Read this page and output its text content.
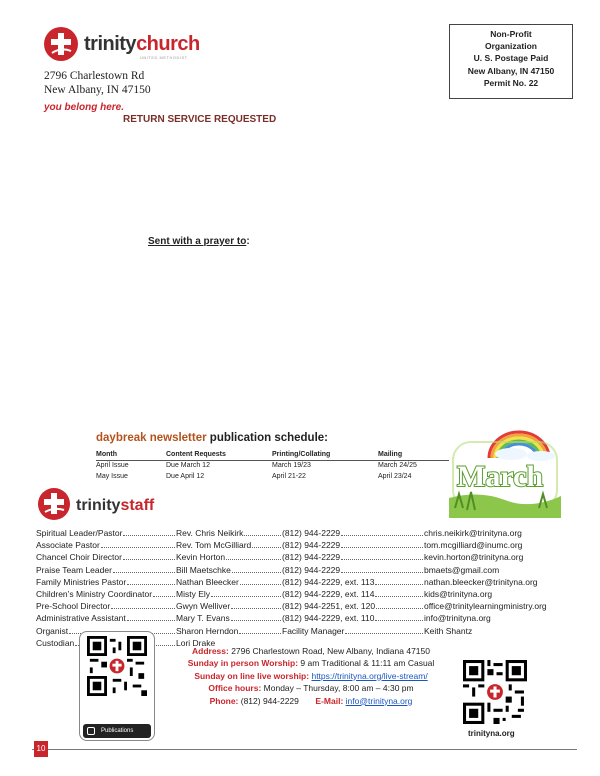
trinitychurch
UNITED METHODIST
2796 Charlestown Rd
New Albany, IN 47150
you belong here.
RETURN SERVICE REQUESTED
Non-Profit
Organization
U. S. Postage Paid
New Albany, IN 47150
Permit No. 22
Sent with a prayer to:
daybreak newsletter publication schedule:
Month	Content Requests	Printing/Collating	Mailing
April Issue	Due March 12	March 19/23	March 24/25
May Issue	Due April 12	April 21-22	April 23/24 March
trinitystaff
Spiritual Leader/Pastor	Rev. Chris Neikirk	(812) 944-2229	chris.neikirk@trinityna.org
Associate Pastor	Rev. Tom McGilliard	(812) 944-2229	tom.mcgilliard@inumc.org
Chancel Choir Director	Kevin Horton	(812) 944-2229	kevin.horton@trinityna.org
Praise Team Leader	Bill Maetschke	(812) 944-2229	bmaets@gmail.com
Family Ministries Pastor	Nathan Bleecker	(812) 944-2229, ext. 113	nathan.bleecker@trinityna.org
Children’s Ministry Coordinator	Misty Ely	(812) 944-2229, ext. 114	kids@trinityna.org
Pre-School Director	Gwyn Welliver	(812) 944-2251, ext. 120	office@trinitylearningministry.org
Administrative Assistant	Mary T. Evans	(812) 944-2229, ext. 110	info@trinityna.org
Organist	Sharon Herndon	Facility Manager	Keith Shantz
Custodian	Lori Drake
Publications
Address: 2796 Charlestown Road, New Albany, Indiana 47150
Sunday in person Worship: 9 am Traditional & 11:11 am Casual
Sunday on line live worship: https://trinityna.org/live-stream/
Office hours: Monday – Thursday, 8:00 am – 4:30 pm
Phone: (812) 944-2229 E-Mail: info@trinityna.org
trinityna.org
10
